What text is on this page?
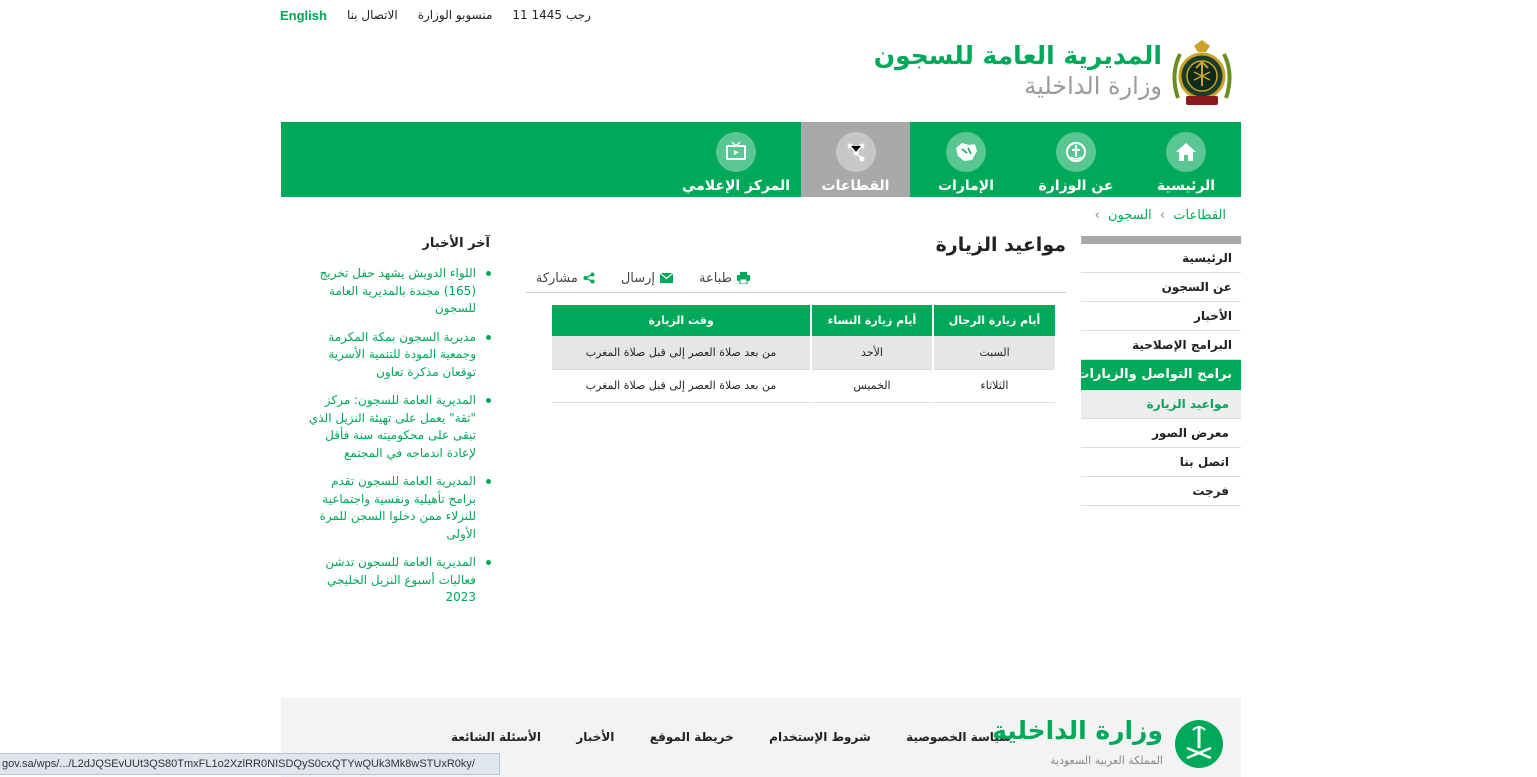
English الاتصال بنا منسوبو الوزارة 11 رجب 1445
المديرية العامة للسجون
وزارة الداخلية
الرئيسية
عن الوزارة
الإمارات
القطاعات
المركز الإعلامي
القطاعات › السجون ›
الرئيسية
عن السجون
الأخبار
البرامج الإصلاحية
برامج التواصل والزيارات
مواعيد الزيارة
معرض الصور
اتصل بنا
فرجت
مواعيد الزيارة
طباعة
إرسال
مشاركة
أيام زيارة الرجال	أيام زيارة النساء	وقت الزيارة
السبت	الأحد	من بعد صلاة العصر إلى قبل صلاة المغرب
الثلاثاء	الخميس	من بعد صلاة العصر إلى قبل صلاة المغرب
آخر الأخبار
اللواء الدويش يشهد حفل تخريج (165) مجندة بالمديرية العامة للسجون
مديرية السجون بمكة المكرمة وجمعية المودة للتنمية الأسرية توقعان مذكرة تعاون
المديرية العامة للسجون: مركز "ثقة" يعمل على تهيئة النزيل الذي تبقى على محكوميته سنة فأقل لإعادة اندماجه في المجتمع
المديرية العامة للسجون تقدم برامج تأهيلية ونفسية واجتماعية للنزلاء ممن دخلوا السجن للمرة الأولى
المديرية العامة للسجون تدشن فعاليات أسبوع النزيل الخليجي 2023
سياسة الخصوصية
شروط الإستخدام
خريطة الموقع
الأخبار
الأسئلة الشائعة	وزارة الداخلية
المملكة العربية السعودية
gov.sa/wps/.../L2dJQSEvUUt3QS80TmxFL1o2XzlRR0NISDQyS0cxQTYwQUk3Mk8wSTUxR0ky/
